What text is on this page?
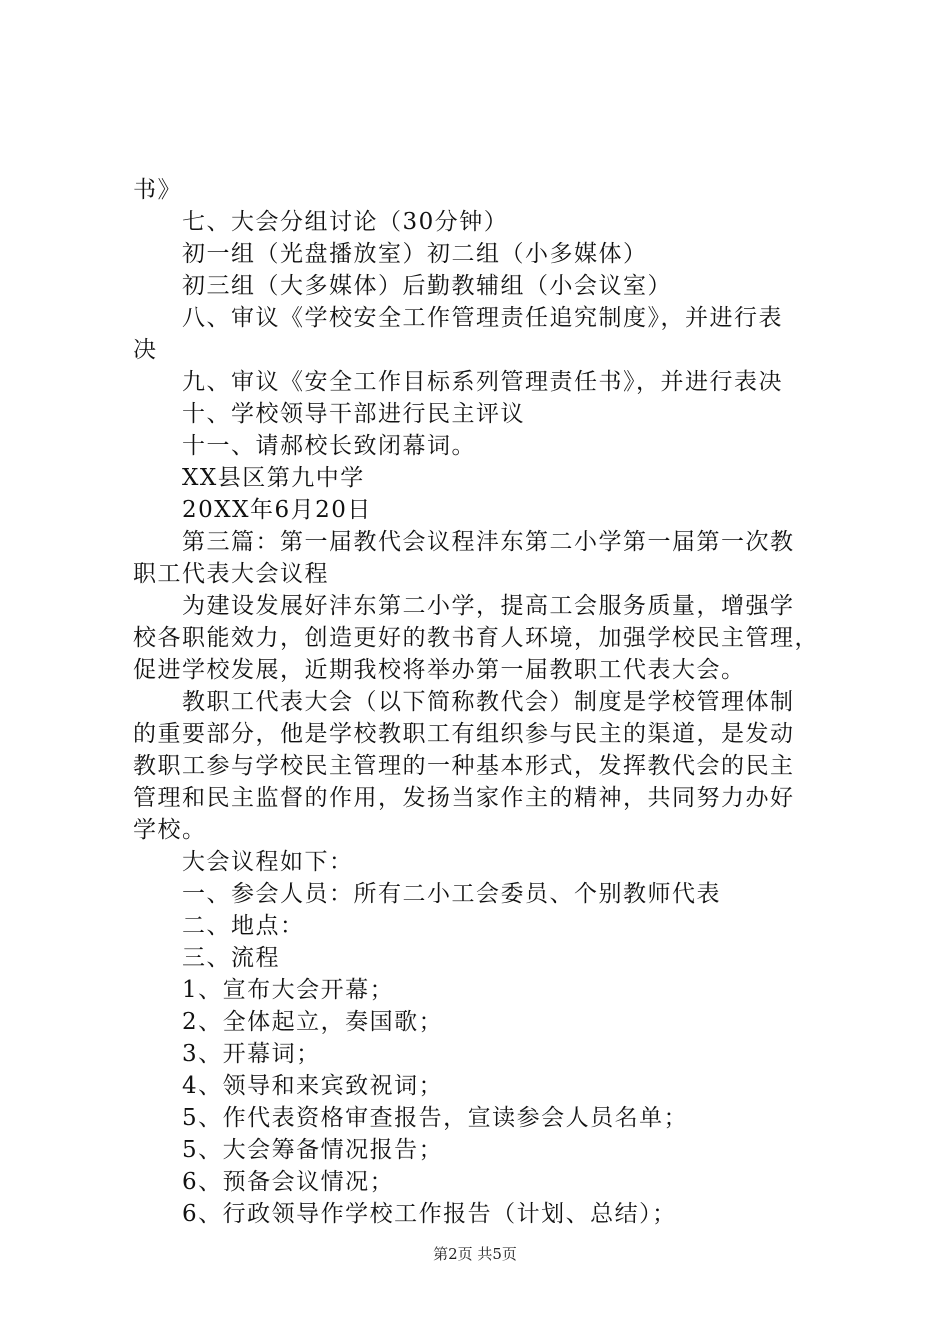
书》
七、大会分组讨论（30分钟）
初一组（光盘播放室）初二组（小多媒体）
初三组（大多媒体）后勤教辅组（小会议室）
八、审议《学校安全工作管理责任追究制度》，并进行表
决
九、审议《安全工作目标系列管理责任书》，并进行表决
十、学校领导干部进行民主评议
十一、请郝校长致闭幕词。
XX县区第九中学
20XX年6月20日
第三篇：第一届教代会议程沣东第二小学第一届第一次教
职工代表大会议程
为建设发展好沣东第二小学，提高工会服务质量，增强学
校各职能效力，创造更好的教书育人环境，加强学校民主管理，
促进学校发展，近期我校将举办第一届教职工代表大会。
教职工代表大会（以下简称教代会）制度是学校管理体制
的重要部分，他是学校教职工有组织参与民主的渠道，是发动
教职工参与学校民主管理的一种基本形式，发挥教代会的民主
管理和民主监督的作用，发扬当家作主的精神，共同努力办好
学校。
大会议程如下：
一、参会人员：所有二小工会委员、个别教师代表
二、地点：
三、流程
1、宣布大会开幕；
2、全体起立，奏国歌；
3、开幕词；
4、领导和来宾致祝词；
5、作代表资格审查报告，宣读参会人员名单；
5、大会筹备情况报告；
6、预备会议情况；
6、行政领导作学校工作报告（计划、总结）；
第2页 共5页
